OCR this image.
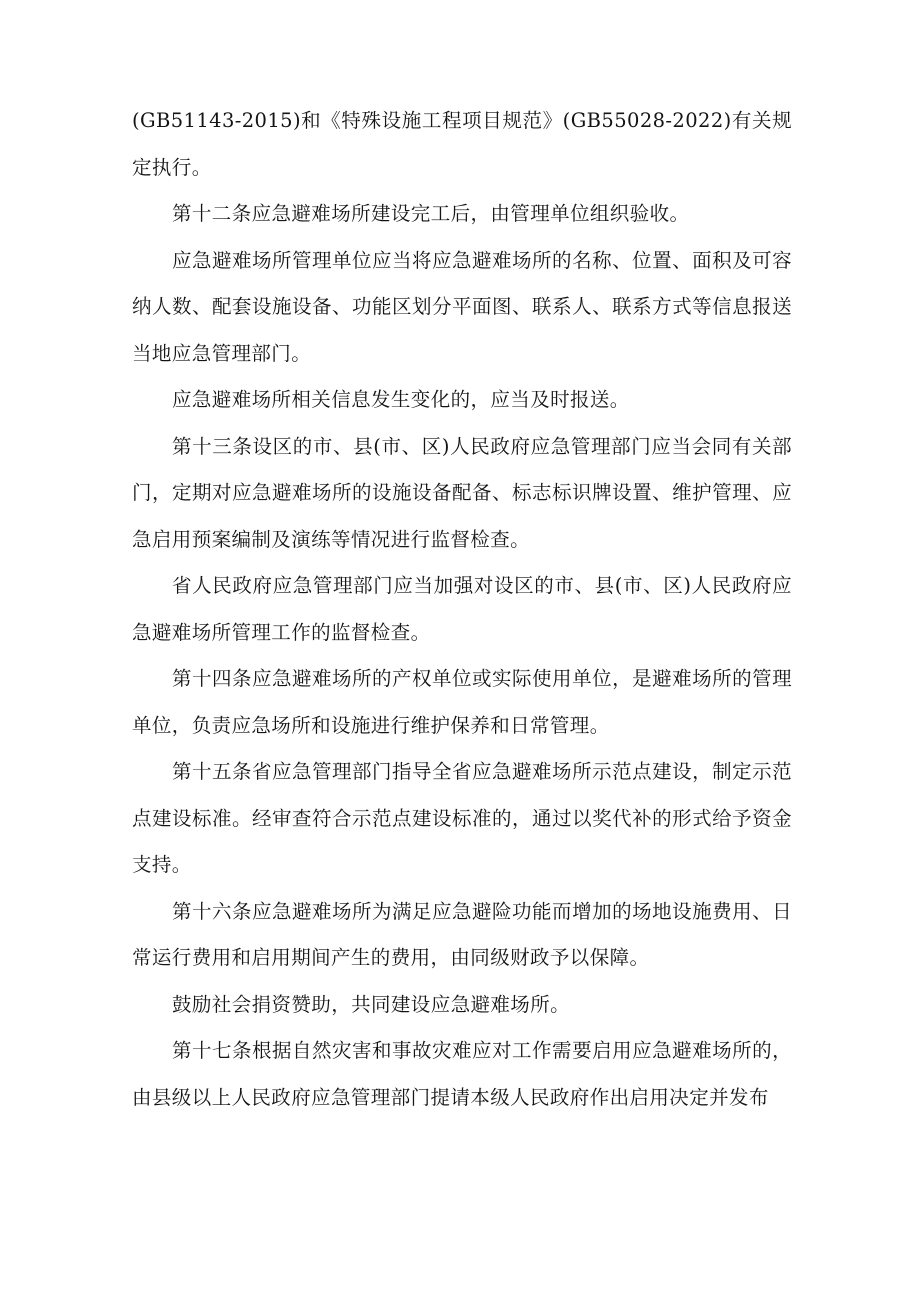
(GB51143-2015)和《特殊设施工程项目规范》(GB55028-2022)有关规定执行。

第十二条应急避难场所建设完工后，由管理单位组织验收。

应急避难场所管理单位应当将应急避难场所的名称、位置、面积及可容纳人数、配套设施设备、功能区划分平面图、联系人、联系方式等信息报送当地应急管理部门。

应急避难场所相关信息发生变化的，应当及时报送。

第十三条设区的市、县(市、区)人民政府应急管理部门应当会同有关部门，定期对应急避难场所的设施设备配备、标志标识牌设置、维护管理、应急启用预案编制及演练等情况进行监督检查。

省人民政府应急管理部门应当加强对设区的市、县(市、区)人民政府应急避难场所管理工作的监督检查。

第十四条应急避难场所的产权单位或实际使用单位，是避难场所的管理单位，负责应急场所和设施进行维护保养和日常管理。

第十五条省应急管理部门指导全省应急避难场所示范点建设，制定示范点建设标准。经审查符合示范点建设标准的，通过以奖代补的形式给予资金支持。

第十六条应急避难场所为满足应急避险功能而增加的场地设施费用、日常运行费用和启用期间产生的费用，由同级财政予以保障。

鼓励社会捐资赞助，共同建设应急避难场所。

第十七条根据自然灾害和事故灾难应对工作需要启用应急避难场所的，由县级以上人民政府应急管理部门提请本级人民政府作出启用决定并发布
